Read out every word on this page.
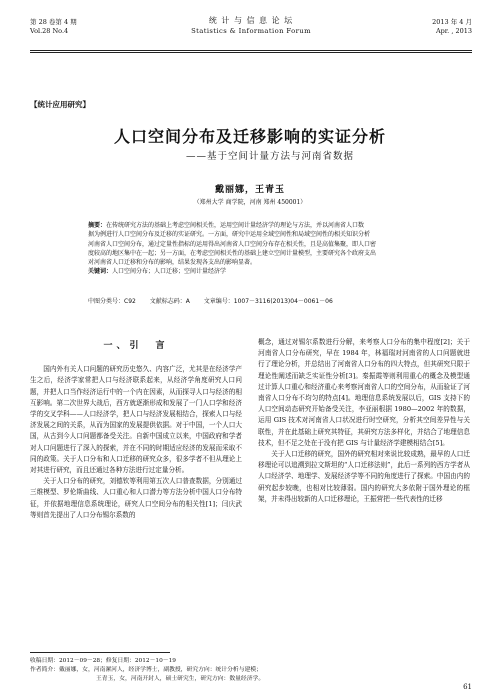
第 28 卷第 4 期
Vol.28 No.4
统 计 与 信 息 论 坛
Statistics & Information Forum
2013 年 4 月
Apr. , 2013
【统计应用研究】
人口空间分布及迁移影响的实证分析
——基于空间计量方法与河南省数据
戴丽娜，王青玉
（郑州大学 商学院，河南 郑州 450001）
摘要：在传统研究方法的基础上考虑空间相关性，运用空间计量经济学的理论与方法，并以河南省人口数
据为例进行人口空间分布及迁移的实证研究。一方面，研究中运用全域空间性和局域空间性的相关知识分析
河南省人口空间分布，通过定量性指标的运用得出河南省人口空间分布存在相关性，且是高值集聚，即人口密
度较高的地区集中在一起；另一方面，在考虑空间相关性的基础上建立空间计量模型，主要研究各个政府支出
对河南省人口迁移和分布的影响，结果发现各支出的影响显著。
关键词：人口空间分布；人口迁移；空间计量经济学
中图分类号：C92 文献标志码：A 文章编号：1007－3116(2013)04－0061－06
一、引　言

国内外有关人口问题的研究历史悠久、内容广泛，尤其是在经济学产生之后，经济学家常把人口与经济联系起来，从经济学角度研究人口问题，并把人口当作经济运行中的一个内在因素，从而探寻人口与经济的相互影响。第二次世界大战后，西方就逐渐形成和发展了一门人口学和经济学的交叉学科——人口经济学，把人口与经济发展相结合，探索人口与经济发展之间的关系，从而为国家的发展提供依据。对于中国，一个人口大国，从古到今人口问题都备受关注。自新中国成立以来，中国政府和学者对人口问题进行了深入的探索，并在不同的时期适应经济的发展而采取不同的政策。关于人口分布和人口迁移的研究众多，很多学者不但从理论上对其进行研究，而且还通过各种方法进行过定量分析。

关于人口分布的研究，刘德钦等利用第五次人口普查数据，分别通过三维模型、罗伦斯曲线、人口重心和人口潜力等方法分析中国人口分布特征，并依据地理信息系统理论，研究人口空间分布的相关性[1]；闫庆武等则首先提出了人口分布锡尔系数的

概念，通过对锡尔系数进行分解，来考察人口分布的集中程度[2]；关于河南省人口分布研究，早在 1984 年，林福瑞对河南省的人口问题就进行了理论分析，并总结出了河南省人口分布的四大特点，但其研究只限于理论性阐述而缺乏实证性分析[3]。秦振霞等则利用重心的概念及模型通过计算人口重心和经济重心来考察河南省人口的空间分布，从而验证了河南省人口分布不均匀的特点[4]。地理信息系统发展以后，GIS 支持下的人口空间动态研究开始备受关注，李亚丽根据 1980—2002 年的数据，运用 GIS 技术对河南省人口状况进行时空研究，分析其空间差异性与关联性，并在此基础上研究其特征，其研究方法多样化，并结合了地理信息技术，但不足之处在于没有把 GIS 与计量经济学建模相结合[5]。

关于人口迁移的研究，国外的研究相对来说比较成熟，最早的人口迁移理论可以追溯到拉文斯坦的“人口迁移法则”，此后一系列的西方学者从人口经济学、地理学、发展经济学等不同的角度进行了探索。中国由内的研究起步较晚，也相对比较薄弱。国内的研究大多依附于国外理论的框架，并未得出较新的人口迁移理论，王振营把一些代表性的迁移

收稿日期：2012－09－28；修复日期：2012－10－19
作者简介：戴丽娜，女，河南漯河人，经济学博士，副教授，研究方向：统计分析与建模；
王青玉，女，河南开封人，硕士研究生，研究方向：数量经济学。
61
